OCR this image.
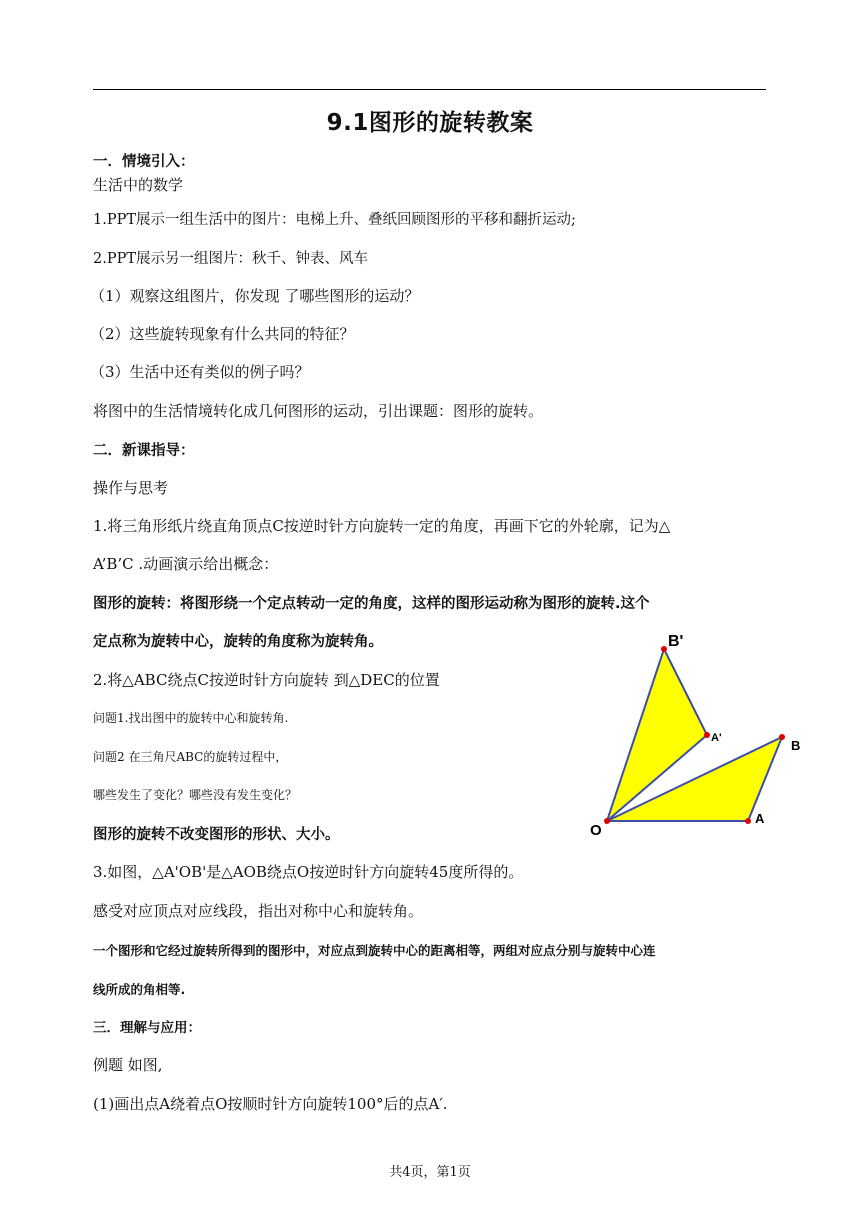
9.1图形的旋转教案
一．情境引入：
生活中的数学
1.PPT展示一组生活中的图片：电梯上升、叠纸回顾图形的平移和翻折运动;
2.PPT展示另一组图片：秋千、钟表、风车
（1）观察这组图片，你发现 了哪些图形的运动？
（2）这些旋转现象有什么共同的特征？
（3）生活中还有类似的例子吗？
将图中的生活情境转化成几何图形的运动，引出课题：图形的旋转。
二．新课指导：
操作与思考
1.将三角形纸片绕直角顶点C按逆时针方向旋转一定的角度，再画下它的外轮廓，记为△
A’B’C .动画演示给出概念：
图形的旋转：将图形绕一个定点转动一定的角度，这样的图形运动称为图形的旋转.这个
定点称为旋转中心，旋转的角度称为旋转角。
2.将△ABC绕点C按逆时针方向旋转 到△DEC的位置
问题1.找出图中的旋转中心和旋转角.
问题2 在三角尺ABC的旋转过程中，
哪些发生了变化？哪些没有发生变化？
图形的旋转不改变图形的形状、大小。
3.如图，△A'OB'是△AOB绕点O按逆时针方向旋转45度所得的。
感受对应顶点对应线段，指出对称中心和旋转角。
一个图形和它经过旋转所得到的图形中，对应点到旋转中心的距离相等，两组对应点分别与旋转中心连
线所成的角相等.
三．理解与应用：
例题 如图,
(1)画出点A绕着点O按顺时针方向旋转100°后的点A′.
O
A
B
A'
B'
共4页，第1页
